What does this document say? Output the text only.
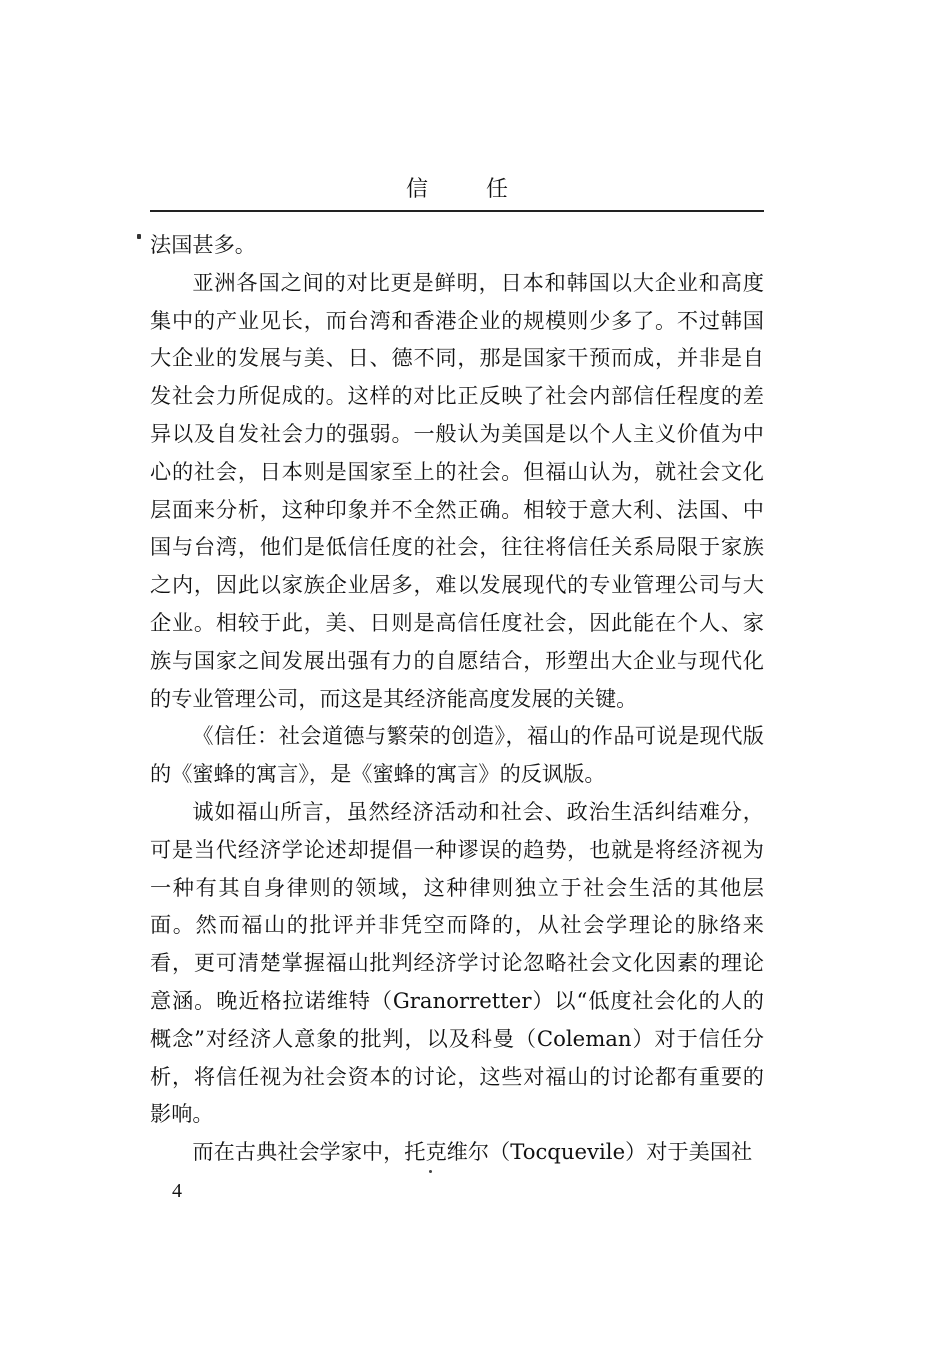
信任

法国甚多。

亚洲各国之间的对比更是鲜明，日本和韩国以大企业和高度集中的产业见长，而台湾和香港企业的规模则少多了。不过韩国大企业的发展与美、日、德不同，那是国家干预而成，并非是自发社会力所促成的。这样的对比正反映了社会内部信任程度的差异以及自发社会力的强弱。一般认为美国是以个人主义价值为中心的社会，日本则是国家至上的社会。但福山认为，就社会文化层面来分析，这种印象并不全然正确。相较于意大利、法国、中国与台湾，他们是低信任度的社会，往往将信任关系局限于家族之内，因此以家族企业居多，难以发展现代的专业管理公司与大企业。相较于此，美、日则是高信任度社会，因此能在个人、家族与国家之间发展出强有力的自愿结合，形塑出大企业与现代化的专业管理公司，而这是其经济能高度发展的关键。

《信任：社会道德与繁荣的创造》，福山的作品可说是现代版的《蜜蜂的寓言》，是《蜜蜂的寓言》的反讽版。

诚如福山所言，虽然经济活动和社会、政治生活纠结难分，可是当代经济学论述却提倡一种谬误的趋势，也就是将经济视为一种有其自身律则的领域，这种律则独立于社会生活的其他层面。然而福山的批评并非凭空而降的，从社会学理论的脉络来看，更可清楚掌握福山批判经济学讨论忽略社会文化因素的理论意涵。晚近格拉诺维特（Granorretter）以“低度社会化的人的概念”对经济人意象的批判，以及科曼（Coleman）对于信任分析，将信任视为社会资本的讨论，这些对福山的讨论都有重要的影响。

而在古典社会学家中，托克维尔（Tocquevile）对于美国社

4
